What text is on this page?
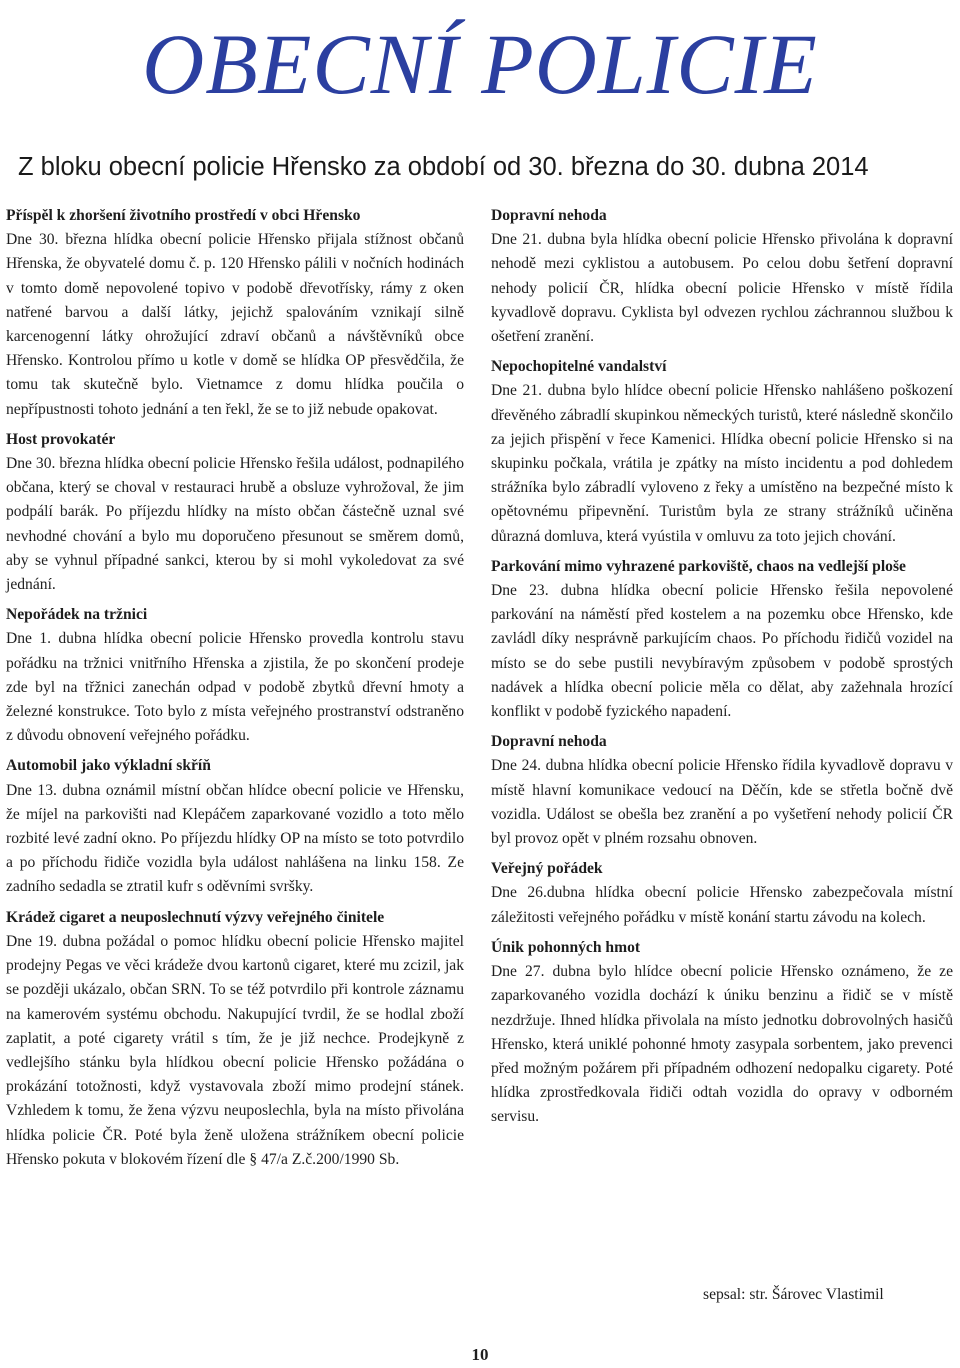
OBECNÍ POLICIE
Z bloku obecní policie Hřensko za období od 30. března do 30. dubna 2014

Příspěl k zhoršení životního prostředí v obci Hřensko

Dne 30. března hlídka obecní policie Hřensko přijala stížnost občanů Hřenska, že obyvatelé domu č. p. 120 Hřensko pálili v nočních hodinách v tomto domě nepovolené topivo v podobě dřevotřísky, rámy z oken natřené barvou a další látky, jejichž spalováním vznikají silně karcenogenní látky ohrožující zdraví občanů a návštěvníků obce Hřensko. Kontrolou přímo u kotle v domě se hlídka OP přesvědčila, že tomu tak skutečně bylo. Vietnamce z domu hlídka poučila o nepřípustnosti tohoto jednání a ten řekl, že se to již nebude opakovat.

Host provokatér

Dne 30. března hlídka obecní policie Hřensko řešila událost, podnapilého občana, který se choval v restauraci hrubě a obsluze vyhrožoval, že jim podpálí barák. Po příjezdu hlídky na místo občan částečně uznal své nevhodné chování a bylo mu doporučeno přesunout se směrem domů, aby se vyhnul případné sankci, kterou by si mohl vykoledovat za své jednání.

Nepořádek na tržnici

Dne 1. dubna hlídka obecní policie Hřensko provedla kontrolu stavu pořádku na tržnici vnitřního Hřenska a zjistila, že po skončení prodeje zde byl na třžnici zanechán odpad v podobě zbytků dřevní hmoty a železné konstrukce. Toto bylo z místa veřejného prostranství odstraněno z důvodu obnovení veřejného pořádku.

Automobil jako výkladní skříň

Dne 13. dubna oznámil místní občan hlídce obecní policie ve Hřensku, že míjel na parkovišti nad Klepáčem zaparkované vozidlo a toto mělo rozbité levé zadní okno. Po příjezdu hlídky OP na místo se toto potvrdilo a po příchodu řidiče vozidla byla událost nahlášena na linku 158. Ze zadního sedadla se ztratil kufr s oděvními svršky.

Krádež cigaret a neuposlechnutí výzvy veřejného činitele

Dne 19. dubna požádal o pomoc hlídku obecní policie Hřensko majitel prodejny Pegas ve věci krádeže dvou kartonů cigaret, které mu zcizil, jak se později ukázalo, občan SRN. To se též potvrdilo při kontrole záznamu na kamerovém systému obchodu. Nakupující tvrdil, že se hodlal zboží zaplatit, a poté cigarety vrátil s tím, že je již nechce. Prodejkyně z vedlejšího stánku byla hlídkou obecní policie Hřensko požádána o prokázání totožnosti, když vystavovala zboží mimo prodejní stánek. Vzhledem k tomu, že žena výzvu neuposlechla, byla na místo přivolána hlídka policie ČR. Poté byla ženě uložena strážníkem obecní policie Hřensko pokuta v blokovém řízení dle § 47/a Z.č.200/1990 Sb.

Dopravní nehoda

Dne 21. dubna byla hlídka obecní policie Hřensko přivolána k dopravní nehodě mezi cyklistou a autobusem. Po celou dobu šetření dopravní nehody policií ČR, hlídka obecní policie Hřensko v místě řídila kyvadlově dopravu. Cyklista byl odvezen rychlou záchrannou službou k ošetření zranění.

Nepochopitelné vandalství

Dne 21. dubna bylo hlídce obecní policie Hřensko nahlášeno poškození dřevěného zábradlí skupinkou německých turistů, které následně skončilo za jejich přispění v řece Kamenici. Hlídka obecní policie Hřensko si na skupinku počkala, vrátila je zpátky na místo incidentu a pod dohledem strážníka bylo zábradlí vyloveno z řeky a umístěno na bezpečné místo k opětovnému připevnění. Turistům byla ze strany strážníků učiněna důrazná domluva, která vyústila v omluvu za toto jejich chování.

Parkování mimo vyhrazené parkoviště, chaos na vedlejší ploše

Dne 23. dubna hlídka obecní policie Hřensko řešila nepovolené parkování na náměstí před kostelem a na pozemku obce Hřensko, kde zavládl díky nesprávně parkujícím chaos. Po příchodu řidičů vozidel na místo se do sebe pustili nevybíravým způsobem v podobě sprostých nadávek a hlídka obecní policie měla co dělat, aby zažehnala hrozící konflikt v podobě fyzického napadení.

Dopravní nehoda

Dne 24. dubna hlídka obecní policie Hřensko řídila kyvadlově dopravu v místě hlavní komunikace vedoucí na Děčín, kde se střetla bočně dvě vozidla. Událost se obešla bez zranění a po vyšetření nehody policií ČR byl provoz opět v plném rozsahu obnoven.

Veřejný pořádek

Dne 26.dubna hlídka obecní policie Hřensko zabezpečovala místní záležitosti veřejného pořádku v místě konání startu závodu na kolech.

Únik pohonných hmot

Dne 27. dubna bylo hlídce obecní policie Hřensko oznámeno, že ze zaparkovaného vozidla dochází k úniku benzinu a řidič se v místě nezdržuje. Ihned hlídka přivolala na místo jednotku dobrovolných hasičů Hřensko, která uniklé pohonné hmoty zasypala sorbentem, jako prevenci před možným požárem při případném odhození nedopalku cigarety. Poté hlídka zprostředkovala řidiči odtah vozidla do opravy v odborném servisu.

sepsal: str. Šárovec Vlastimil
10
